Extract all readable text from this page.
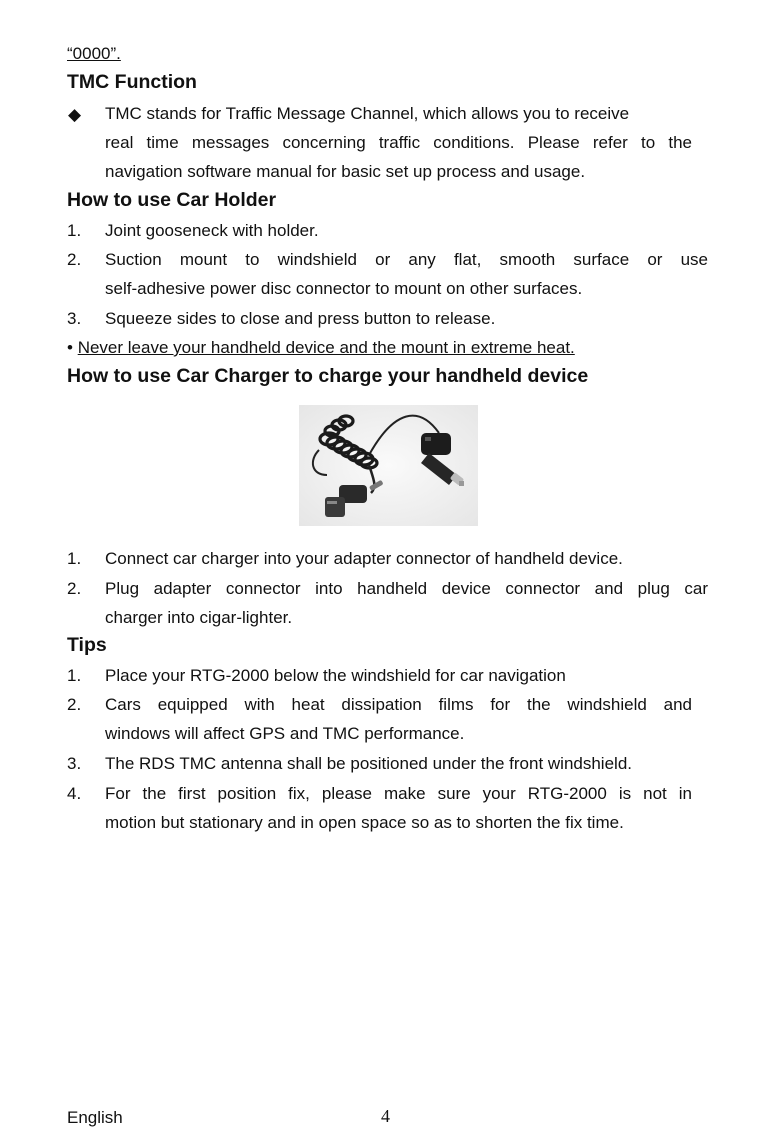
“0000”.
TMC Function
◆ TMC stands for Traffic Message Channel, which allows you to receive
real time messages concerning traffic conditions. Please refer to the
navigation software manual for basic set up process and usage.
How to use Car Holder
1. Joint gooseneck with holder.
2. Suction mount to windshield or any flat, smooth surface or use
self-adhesive power disc connector to mount on other surfaces.
3. Squeeze sides to close and press button to release.
• Never leave your handheld device and the mount in extreme heat.
How to use Car Charger to charge your handheld device
1. Connect car charger into your adapter connector of handheld device.
2. Plug adapter connector into handheld device connector and plug car
charger into cigar-lighter.
Tips
1. Place your RTG-2000 below the windshield for car navigation
2. Cars equipped with heat dissipation films for the windshield and
windows will affect GPS and TMC performance.
3. The RDS TMC antenna shall be positioned under the front windshield.
4. For the first position fix, please make sure your RTG-2000 is not in
motion but stationary and in open space so as to shorten the fix time.
English	4
